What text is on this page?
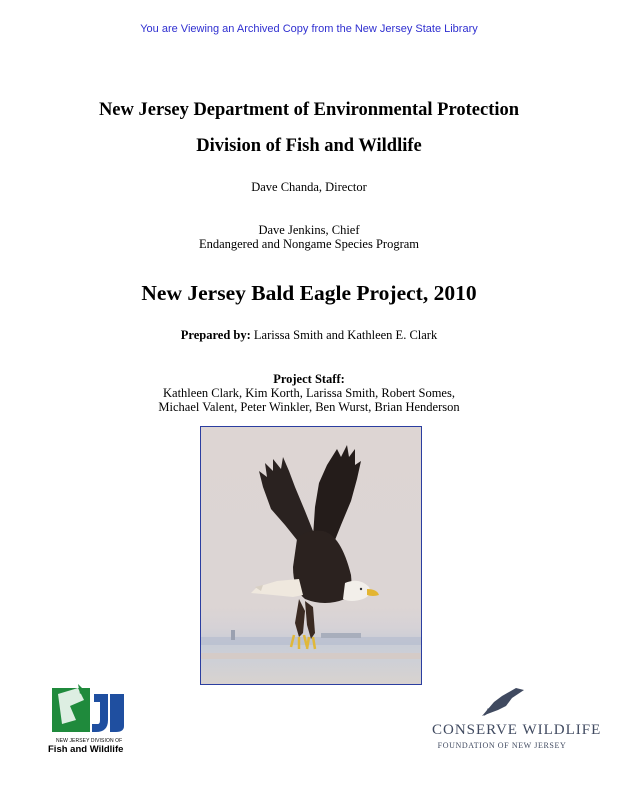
You are Viewing an Archived Copy from the New Jersey State Library
New Jersey Department of Environmental Protection
Division of Fish and Wildlife
Dave Chanda, Director
Dave Jenkins, Chief
Endangered and Nongame Species Program
New Jersey Bald Eagle Project, 2010
Prepared by: Larissa Smith and Kathleen E. Clark
Project Staff:
Kathleen Clark, Kim Korth, Larissa Smith, Robert Somes,
Michael Valent, Peter Winkler, Ben Wurst, Brian Henderson
NEW JERSEY DIVISION OF
Fish and Wildlife
CONSERVE WILDLIFE
FOUNDATION OF NEW JERSEY
